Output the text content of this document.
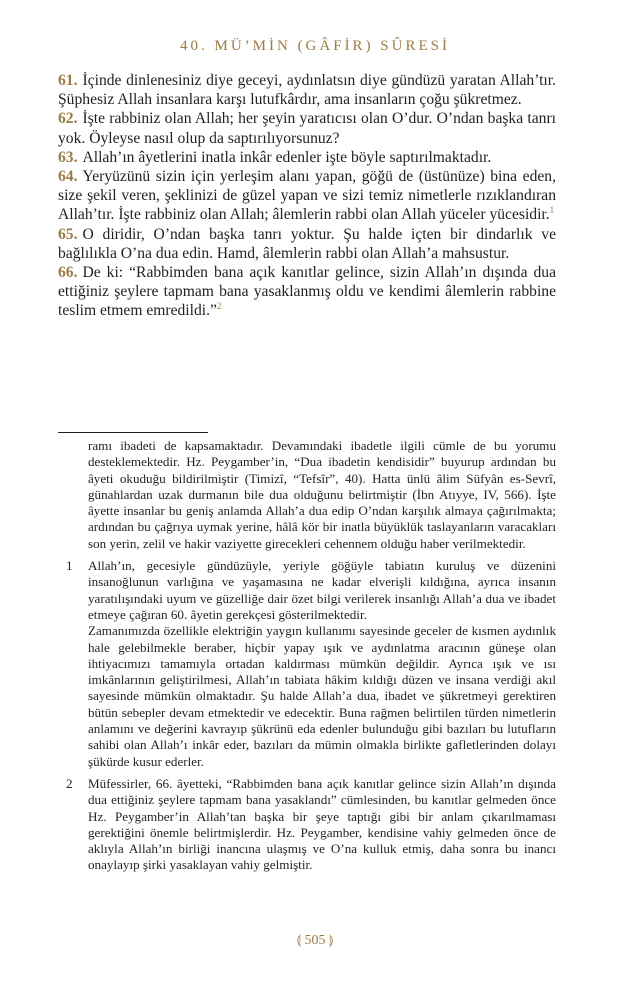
40. MÜ’MİN (GÂFİR) SÛRESİ

61. İçinde dinlenesiniz diye geceyi, aydınlatsın diye gündüzü yaratan Allah’tır. Şüphesiz Allah insanlara karşı lutufkârdır, ama insanların çoğu şükretmez.

62. İşte rabbiniz olan Allah; her şeyin yaratıcısı olan O’dur. O’ndan başka tanrı yok. Öyleyse nasıl olup da saptırılıyorsunuz?

63. Allah’ın âyetlerini inatla inkâr edenler işte böyle saptırılmaktadır.

64. Yeryüzünü sizin için yerleşim alanı yapan, göğü de (üstünüze) bina eden, size şekil veren, şeklinizi de güzel yapan ve sizi temiz nimetlerle rızıklandıran Allah’tır. İşte rabbiniz olan Allah; âlemlerin rabbi olan Allah yüceler yücesidir.$^1$

65. O diridir, O’ndan başka tanrı yoktur. Şu halde içten bir dindarlık ve bağlılıkla O’na dua edin. Hamd, âlemlerin rabbi olan Allah’a mahsustur.

66. De ki: “Rabbimden bana açık kanıtlar gelince, sizin Allah’ın dışında dua ettiğiniz şeylere tapmam bana yasaklanmış oldu ve kendimi âlemlerin rabbine teslim etmem emredildi.”$^2$

ramı ibadeti de kapsamaktadır. Devamındaki ibadetle ilgili cümle de bu yorumu desteklemektedir. Hz. Peygamber’in, “Dua ibadetin kendisidir” buyurup ardından bu âyeti okuduğu bildirilmiştir (Timizî, “Tefsîr”, 40). Hatta ünlü âlim Süfyân es-Sevrî, günahlardan uzak durmanın bile dua olduğunu belirtmiştir (İbn Atıyye, IV, 566). İşte âyette insanlar bu geniş anlamda Allah’a dua edip O’ndan karşılık almaya çağırılmakta; ardından bu çağrıya uymak yerine, hâlâ kör bir inatla büyüklük taslayanların varacakları son yerin, zelil ve hakir vaziyette girecekleri cehennem olduğu haber verilmektedir.

1 Allah’ın, gecesiyle gündüzüyle, yeriyle göğüyle tabiatın kuruluş ve düzenini insanoğlunun varlığına ve yaşamasına ne kadar elverişli kıldığına, ayrıca insanın yaratılışındaki uyum ve güzelliğe dair özet bilgi verilerek insanlığı Allah’a dua ve ibadet etmeye çağıran 60. âyetin gerekçesi gösterilmektedir.

Zamanımızda özellikle elektriğin yaygın kullanımı sayesinde geceler de kısmen aydınlık hale gelebilmekle beraber, hiçbir yapay ışık ve aydınlatma aracının güneşe olan ihtiyacımızı tamamıyla ortadan kaldırması mümkün değildir. Ayrıca ışık ve ısı imkânlarının geliştirilmesi, Allah’ın tabiata hâkim kıldığı düzen ve insana verdiği akıl sayesinde mümkün olmaktadır. Şu halde Allah’a dua, ibadet ve şükretmeyi gerektiren bütün sebepler devam etmektedir ve edecektir. Buna rağmen belirtilen türden nimetlerin anlamını ve değerini kavrayıp şükrünü eda edenler bulunduğu gibi bazıları bu lutufların sahibi olan Allah’ı inkâr eder, bazıları da mümin olmakla birlikte gafletlerinden dolayı şükürde kusur ederler.

2 Müfessirler, 66. âyetteki, “Rabbimden bana açık kanıtlar gelince sizin Allah’ın dışında dua ettiğiniz şeylere tapmam bana yasaklandı” cümlesinden, bu kanıtlar gelmeden önce Hz. Peygamber’in Allah’tan başka bir şeye taptığı gibi bir anlam çıkarılmaması gerektiğini önemle belirtmişlerdir. Hz. Peygamber, kendisine vahiy gelmeden önce de aklıyla Allah’ın birliği inancına ulaşmış ve O’na kulluk etmiş, daha sonra bu inancı onaylayıp şirki yasaklayan vahiy gelmiştir.

⟬ 505 ⟭
